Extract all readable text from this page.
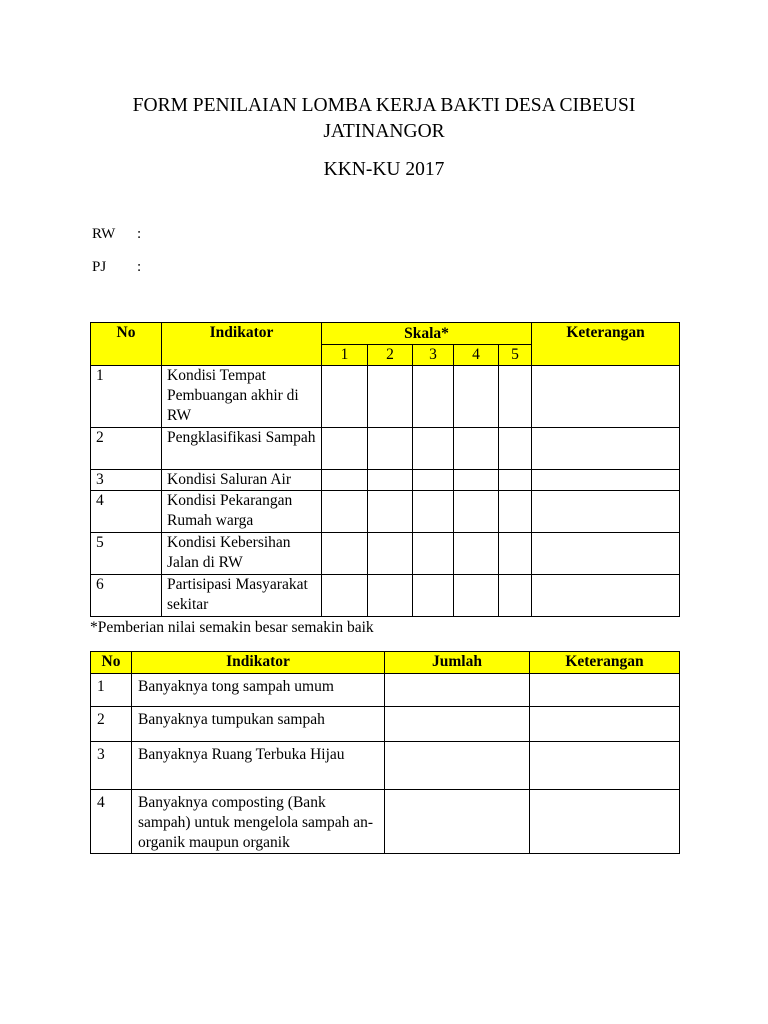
FORM PENILAIAN LOMBA KERJA BAKTI DESA CIBEUSI
JATINANGOR
KKN-KU 2017
RW :
PJ :
No	Indikator	Skala*					Keterangan
		1	2	3	4	5	
1	Kondisi Tempat Pembuangan akhir di RW						
2	Pengklasifikasi Sampah						
3	Kondisi Saluran Air						
4	Kondisi Pekarangan Rumah warga						
5	Kondisi Kebersihan Jalan di RW						
6	Partisipasi Masyarakat sekitar						
*Pemberian nilai semakin besar semakin baik
No	Indikator	Jumlah	Keterangan
1	Banyaknya tong sampah umum		
2	Banyaknya tumpukan sampah		
3	Banyaknya Ruang Terbuka Hijau		
4	Banyaknya composting (Bank sampah) untuk mengelola sampah an-organik maupun organik		
